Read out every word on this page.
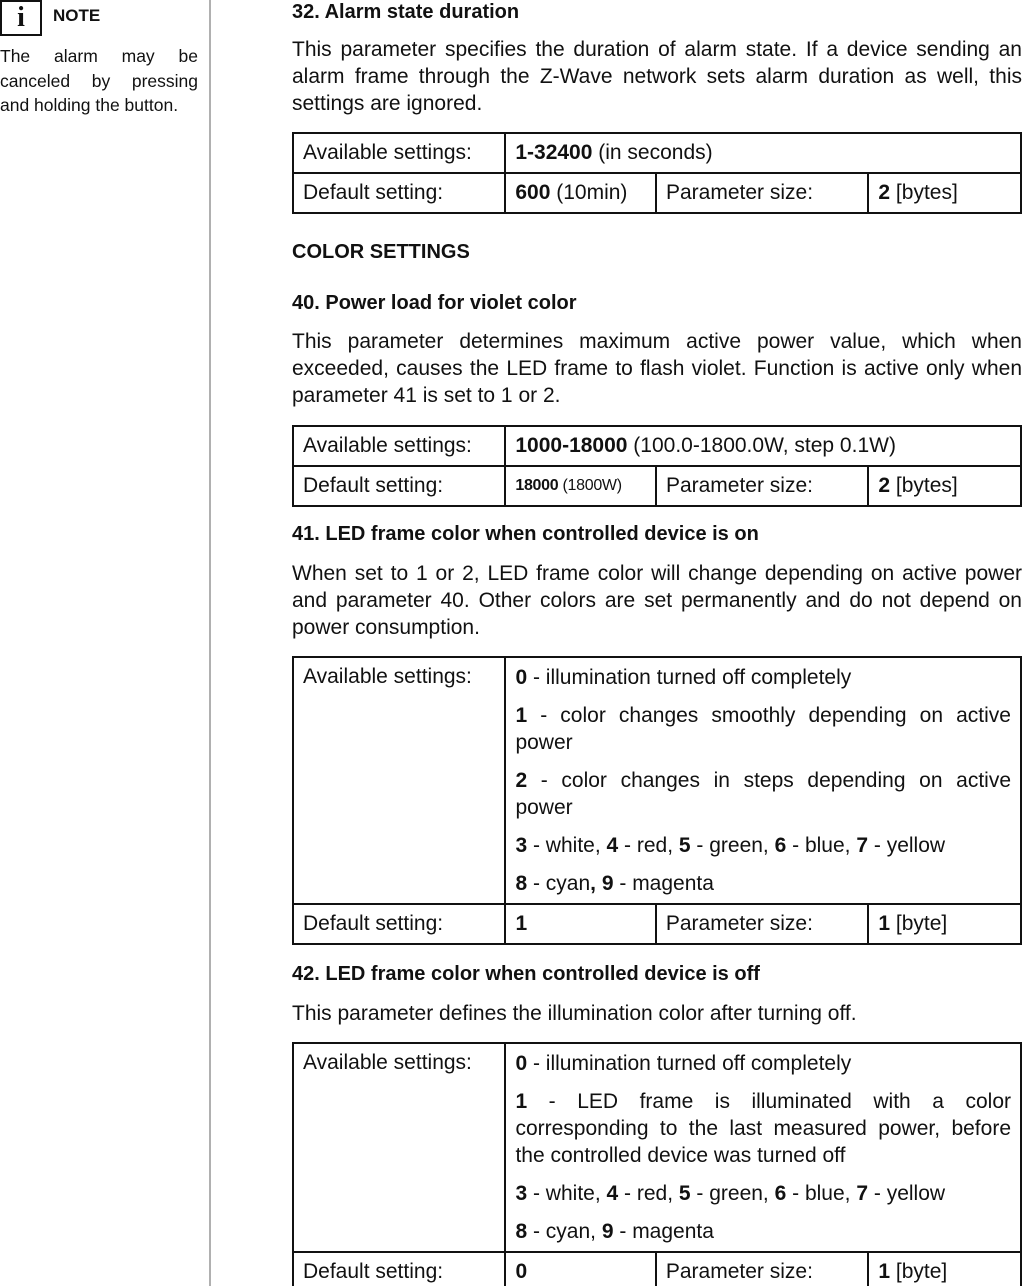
i NOTE
The alarm may be canceled by pressing and holding the button.
32. Alarm state duration
This parameter specifies the duration of alarm state. If a device sending an alarm frame through the Z-Wave network sets alarm duration as well, this settings are ignored.
Available settings:	1-32400 (in seconds)		
Default setting:	600 (10min)	Parameter size:	2 [bytes]
COLOR SETTINGS
40. Power load for violet color
This parameter determines maximum active power value, which when exceeded, causes the LED frame to flash violet. Function is active only when parameter 41 is set to 1 or 2.
Available settings:	1000-18000 (100.0-1800.0W, step 0.1W)		
Default setting:	18000 (1800W)	Parameter size:	2 [bytes]
41. LED frame color when controlled device is on
When set to 1 or 2, LED frame color will change depending on active power and parameter 40. Other colors are set permanently and do not depend on power consumption.
Available settings:	0 - illumination turned off completely
1 - color changes smoothly depending on active power
2 - color changes in steps depending on active power
3 - white, 4 - red, 5 - green, 6 - blue, 7 - yellow
8 - cyan, 9 - magenta		

Default setting:	1	Parameter size:	1 [byte]
42. LED frame color when controlled device is off
This parameter defines the illumination color after turning off.
Available settings:	0 - illumination turned off completely
1 - LED frame is illuminated with a color corresponding to the last measured power, before the controlled device was turned off
3 - white, 4 - red, 5 - green, 6 - blue, 7 - yellow
8 - cyan, 9 - magenta		

Default setting:	0	Parameter size:	1 [byte]
